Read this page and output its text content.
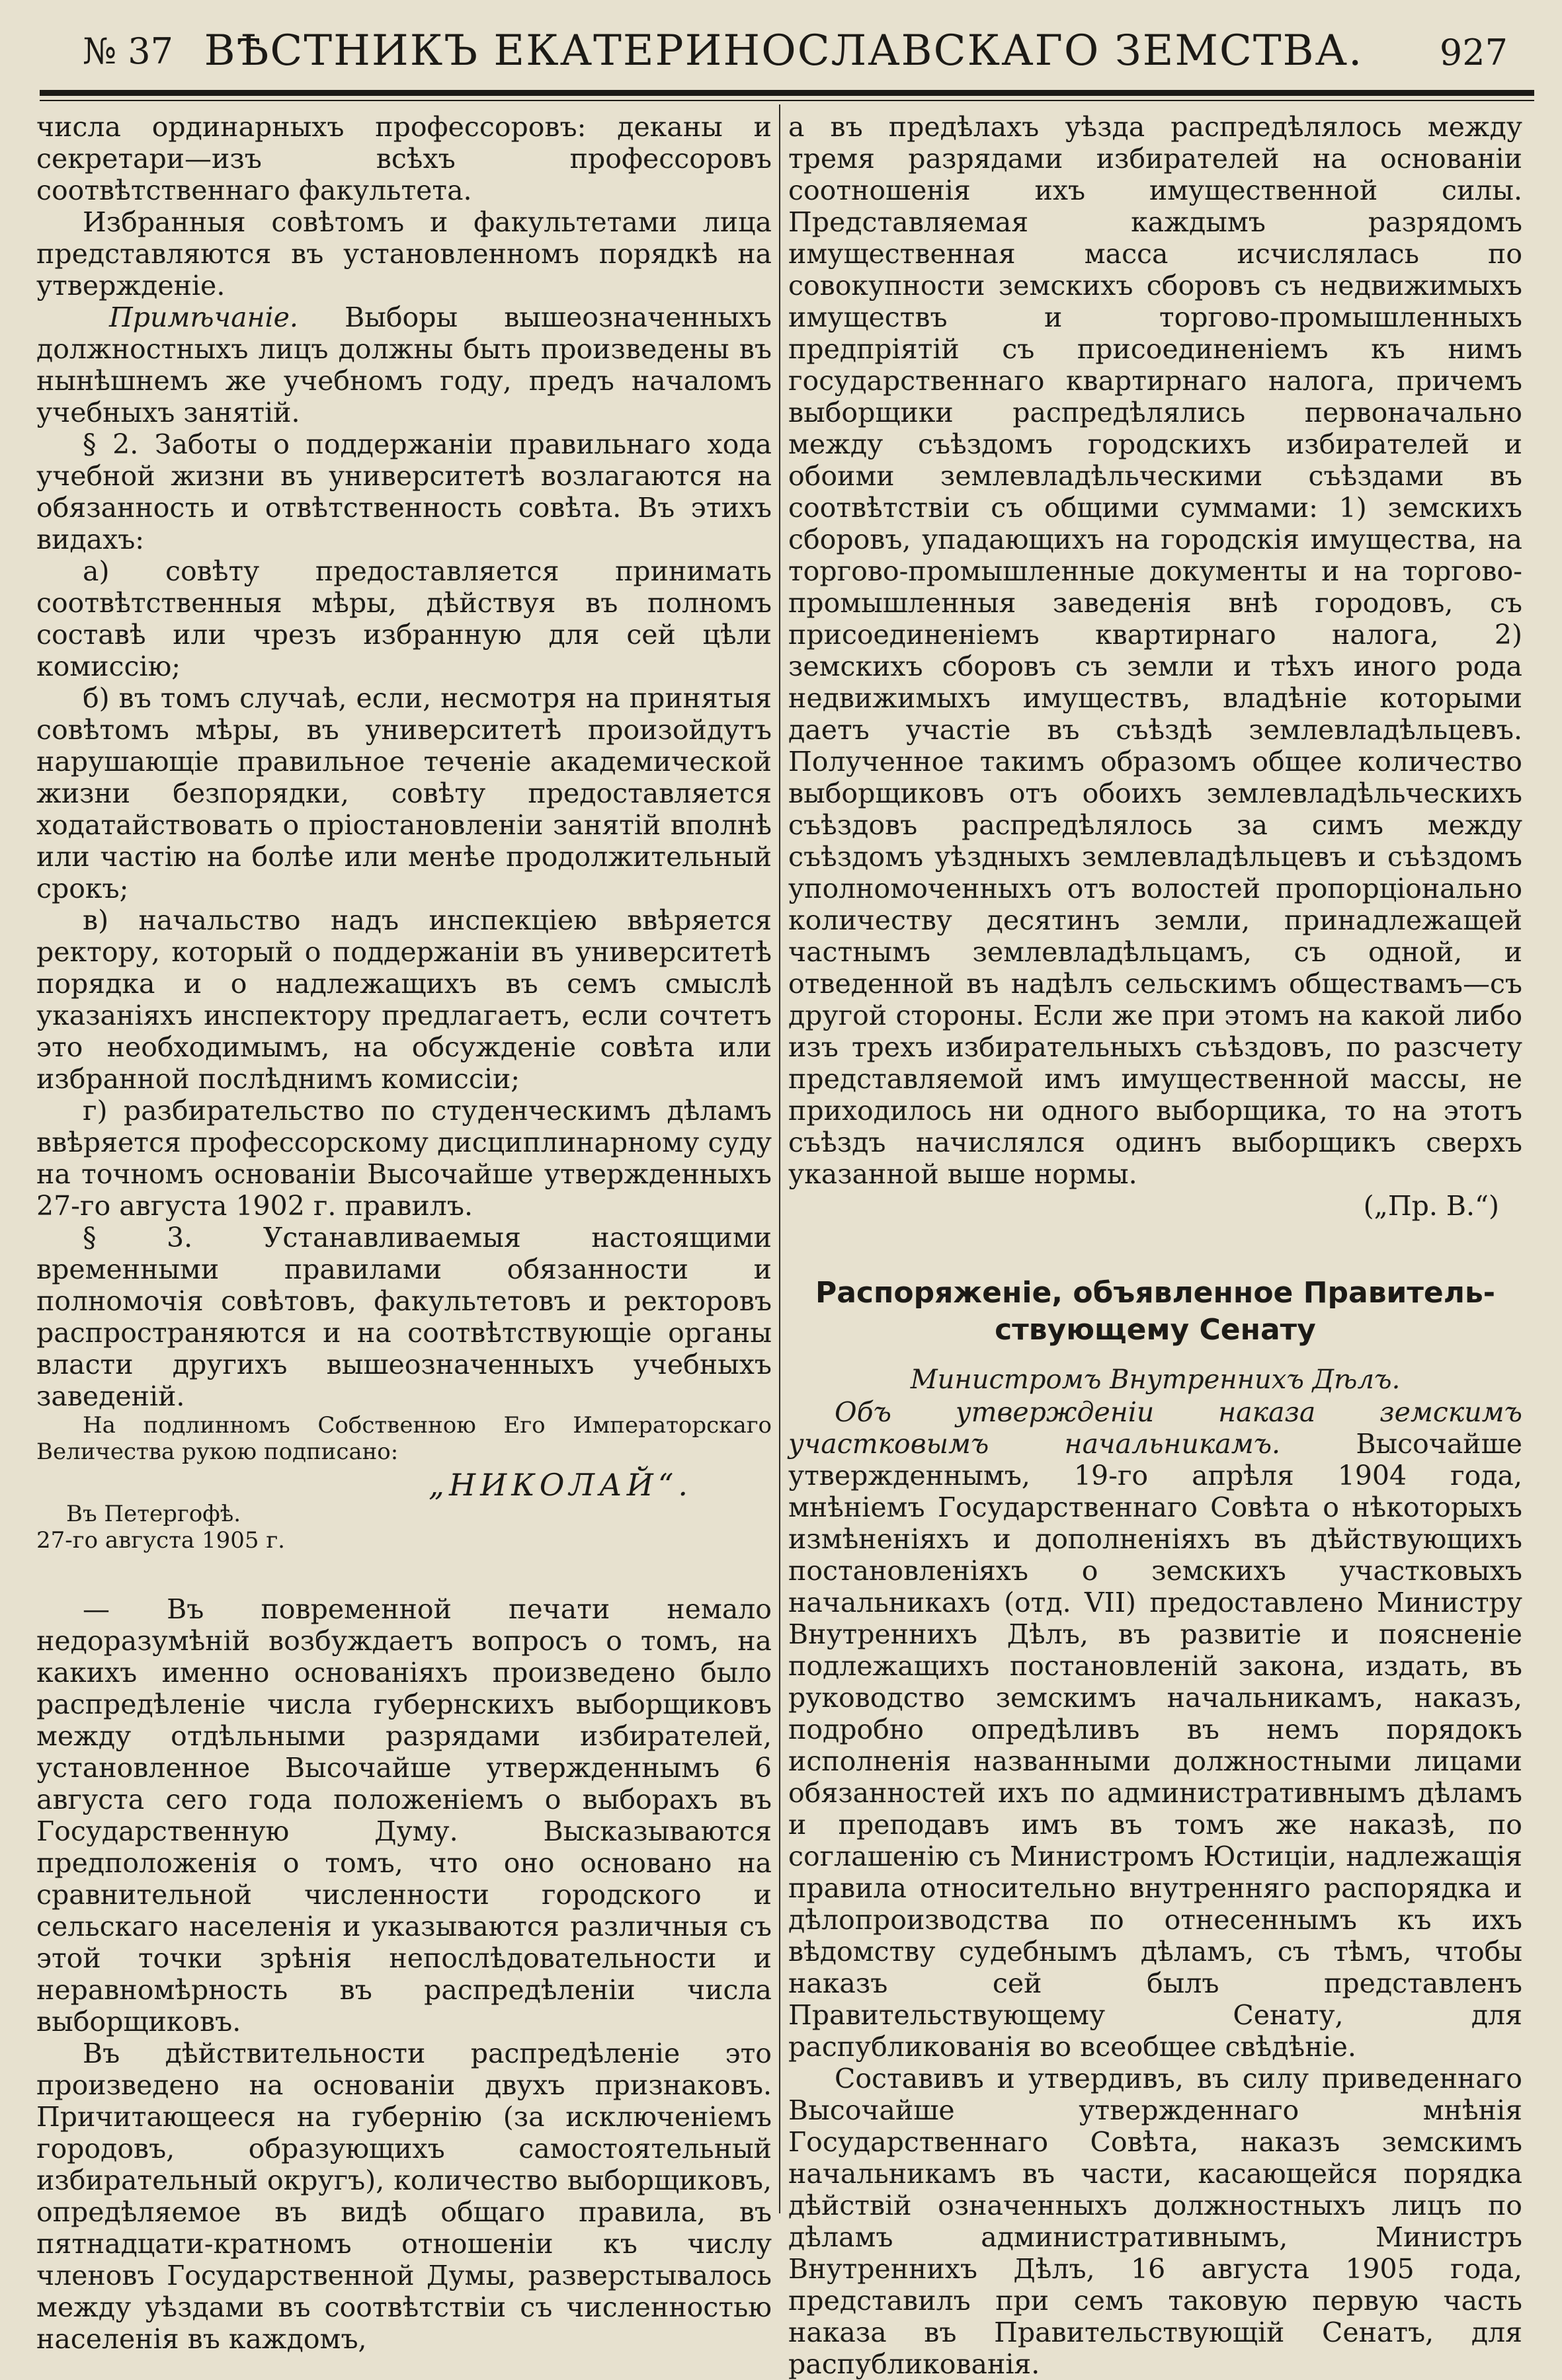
№ 37 ВѢСТНИКЪ ЕКАТЕРИНОСЛАВСКАГО ЗЕМСТВА.	927

числа ординарныхъ профессоровъ: деканы и секретари—изъ всѣхъ профессоровъ соотвѣтственнаго факультета.

Избранныя совѣтомъ и факультетами лица представляются въ установленномъ порядкѣ на утвержденіе.

Примѣчаніе. Выборы вышеозначенныхъ должностныхъ лицъ должны быть произведены въ нынѣшнемъ же учебномъ году, предъ началомъ учебныхъ занятій.

§ 2. Заботы о поддержаніи правильнаго хода учебной жизни въ университетѣ возлагаются на обязанность и отвѣтственность совѣта. Въ этихъ видахъ:

а) совѣту предоставляется принимать соотвѣтственныя мѣры, дѣйствуя въ полномъ составѣ или чрезъ избранную для сей цѣли комиссію;

б) въ томъ случаѣ, если, несмотря на принятыя совѣтомъ мѣры, въ университетѣ произойдутъ нарушающіе правильное теченіе академической жизни безпорядки, совѣту предоставляется ходатайствовать о пріостановленіи занятій вполнѣ или частію на болѣе или менѣе продолжительный срокъ;

в) начальство надъ инспекціею ввѣряется ректору, который о поддержаніи въ университетѣ порядка и о надлежащихъ въ семъ смыслѣ указаніяхъ инспектору предлагаетъ, если сочтетъ это необходимымъ, на обсужденіе совѣта или избранной послѣднимъ комиссіи;

г) разбирательство по студенческимъ дѣламъ ввѣряется профессорскому дисциплинарному суду на точномъ основаніи Высочайше утвержденныхъ 27-го августа 1902 г. правилъ.

§ 3. Устанавливаемыя настоящими временными правилами обязанности и полномочія совѣтовъ, факультетовъ и ректоровъ распространяются и на соотвѣтствующіе органы власти другихъ вышеозначенныхъ учебныхъ заведеній.

На подлинномъ Собственною Его Императорскаго Величества рукою подписано:

„НИКОЛАЙ“.

Въ Петергофѣ.

27-го августа 1905 г.

— Въ повременной печати немало недоразумѣній возбуждаетъ вопросъ о томъ, на какихъ именно основаніяхъ произведено было распредѣленіе числа губернскихъ выборщиковъ между отдѣльными разрядами избирателей, установленное Высочайше утвержденнымъ 6 августа сего года положеніемъ о выборахъ въ Государственную Думу. Высказываются предположенія о томъ, что оно основано на сравнительной численности городского и сельскаго населенія и указываются различныя съ этой точки зрѣнія непослѣдовательности и неравномѣрность въ распредѣленіи числа выборщиковъ.

Въ дѣйствительности распредѣленіе это произведено на основаніи двухъ признаковъ. Причитающееся на губернію (за исключеніемъ городовъ, образующихъ самостоятельный избирательный округъ), количество выборщиковъ, опредѣляемое въ видѣ общаго правила, въ пятнадцати-кратномъ отношеніи къ числу членовъ Государственной Думы, разверстывалось между уѣздами въ соотвѣтствіи съ численностью населенія въ каждомъ,

а въ предѣлахъ уѣзда распредѣлялось между тремя разрядами избирателей на основаніи соотношенія ихъ имущественной силы. Представляемая каждымъ разрядомъ имущественная масса исчислялась по совокупности земскихъ сборовъ съ недвижимыхъ имуществъ и торгово-промышленныхъ предпріятій съ присоединеніемъ къ нимъ государственнаго квартирнаго налога, причемъ выборщики распредѣлялись первоначально между съѣздомъ городскихъ избирателей и обоими землевладѣльческими съѣздами въ соотвѣтствіи съ общими суммами: 1) земскихъ сборовъ, упадающихъ на городскія имущества, на торгово-промышленные документы и на торгово-промышленныя заведенія внѣ городовъ, съ присоединеніемъ квартирнаго налога, 2) земскихъ сборовъ съ земли и тѣхъ иного рода недвижимыхъ имуществъ, владѣніе которыми даетъ участіе въ съѣздѣ землевладѣльцевъ. Полученное такимъ образомъ общее количество выборщиковъ отъ обоихъ землевладѣльческихъ съѣздовъ распредѣлялось за симъ между съѣздомъ уѣздныхъ землевладѣльцевъ и съѣздомъ уполномоченныхъ отъ волостей пропорціонально количеству десятинъ земли, принадлежащей частнымъ землевладѣльцамъ, съ одной, и отведенной въ надѣлъ сельскимъ обществамъ—съ другой стороны. Если же при этомъ на какой либо изъ трехъ избирательныхъ съѣздовъ, по разсчету представляемой имъ имущественной массы, не приходилось ни одного выборщика, то на этотъ съѣздъ начислялся одинъ выборщикъ сверхъ указанной выше нормы.

(„Пр. В.“)

Распоряженіе, объявленное Правитель-

ствующему Сенату

Министромъ Внутреннихъ Дѣлъ.

Объ утвержденіи наказа земскимъ участковымъ начальникамъ. Высочайше утвержденнымъ, 19-го апрѣля 1904 года, мнѣніемъ Государственнаго Совѣта о нѣкоторыхъ измѣненіяхъ и дополненіяхъ въ дѣйствующихъ постановленіяхъ о земскихъ участковыхъ начальникахъ (отд. VII) предоставлено Министру Внутреннихъ Дѣлъ, въ развитіе и поясненіе подлежащихъ постановленій закона, издать, въ руководство земскимъ начальникамъ, наказъ, подробно опредѣливъ въ немъ порядокъ исполненія названными должностными лицами обязанностей ихъ по административнымъ дѣламъ и преподавъ имъ въ томъ же наказѣ, по соглашенію съ Министромъ Юстиціи, надлежащія правила относительно внутренняго распорядка и дѣлопроизводства по отнесеннымъ къ ихъ вѣдомству судебнымъ дѣламъ, съ тѣмъ, чтобы наказъ сей былъ представленъ Правительствующему Сенату, для распубликованія во всеобщее свѣдѣніе.

Составивъ и утвердивъ, въ силу приведеннаго Высочайше утвержденнаго мнѣнія Государственнаго Совѣта, наказъ земскимъ начальникамъ въ части, касающейся порядка дѣйствій означенныхъ должностныхъ лицъ по дѣламъ административнымъ, Министръ Внутреннихъ Дѣлъ, 16 августа 1905 года, представилъ при семъ таковую первую часть наказа въ Правительствующій Сенатъ, для распубликованія.
